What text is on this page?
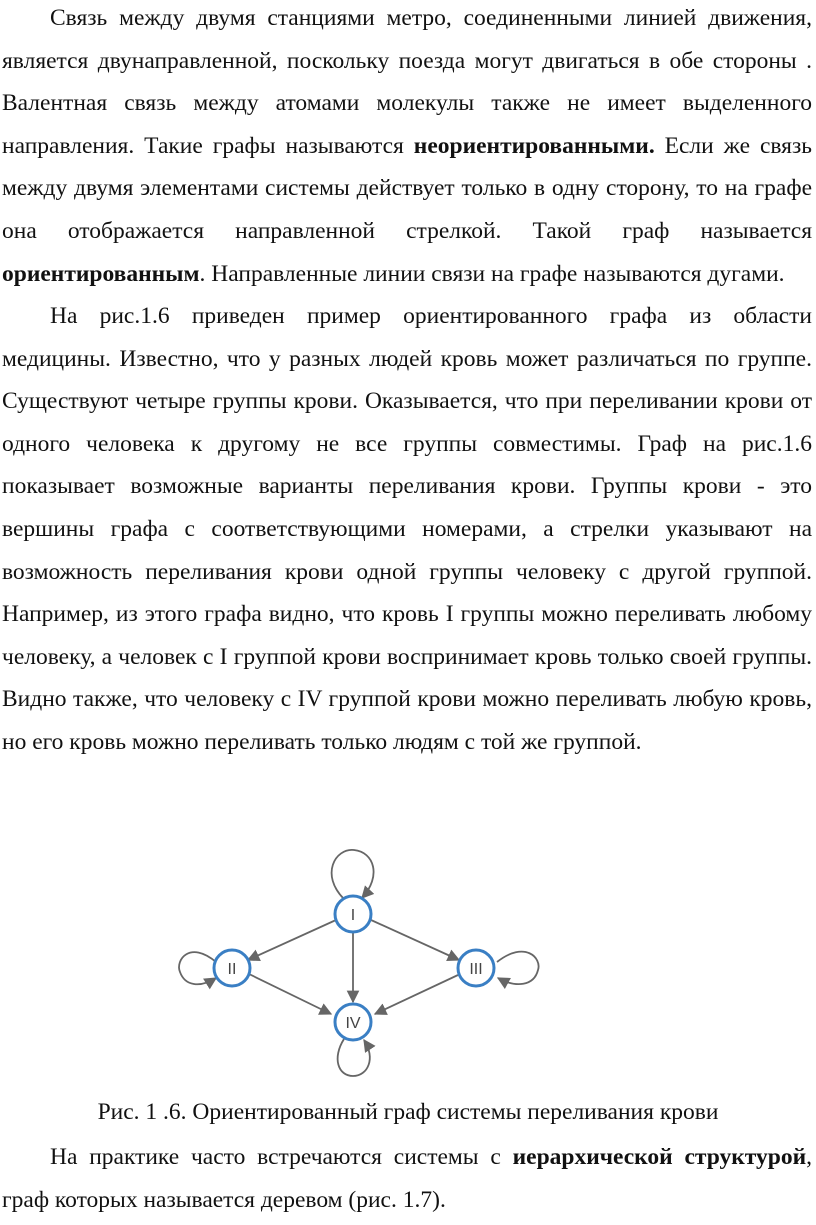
Связь между двумя станциями метро, соединенными линией движения, является двунаправленной, поскольку поезда могут двигаться в обе стороны . Валентная связь между атомами молекулы также не имеет выделенного направления. Такие графы называются неориентированными. Если же связь между двумя элементами системы действует только в одну сторону, то на графе она отображается направленной стрелкой. Такой граф называется ориентированным. Направленные линии связи на графе называются дугами.

На рис.1.6 приведен пример ориентированного графа из области медицины. Известно, что у разных людей кровь может различаться по группе. Существуют четыре группы крови. Оказывается, что при переливании крови от одного человека к другому не все группы совместимы. Граф на рис.1.6 показывает возможные варианты переливания крови. Группы крови - это вершины графа с соответствующими номерами, а стрелки указывают на возможность переливания крови одной группы человеку с другой группой. Например, из этого графа видно, что кровь I группы можно переливать любому человеку, а человек с I группой крови воспринимает кровь только своей группы. Видно также, что человеку с IV группой крови можно переливать любую кровь, но его кровь можно переливать только людям с той же группой.

I
II	III
IV
Рис. 1 .6. Ориентированный граф системы переливания крови

На практике часто встречаются системы с иерархической структурой, граф которых называется деревом (рис. 1.7).
